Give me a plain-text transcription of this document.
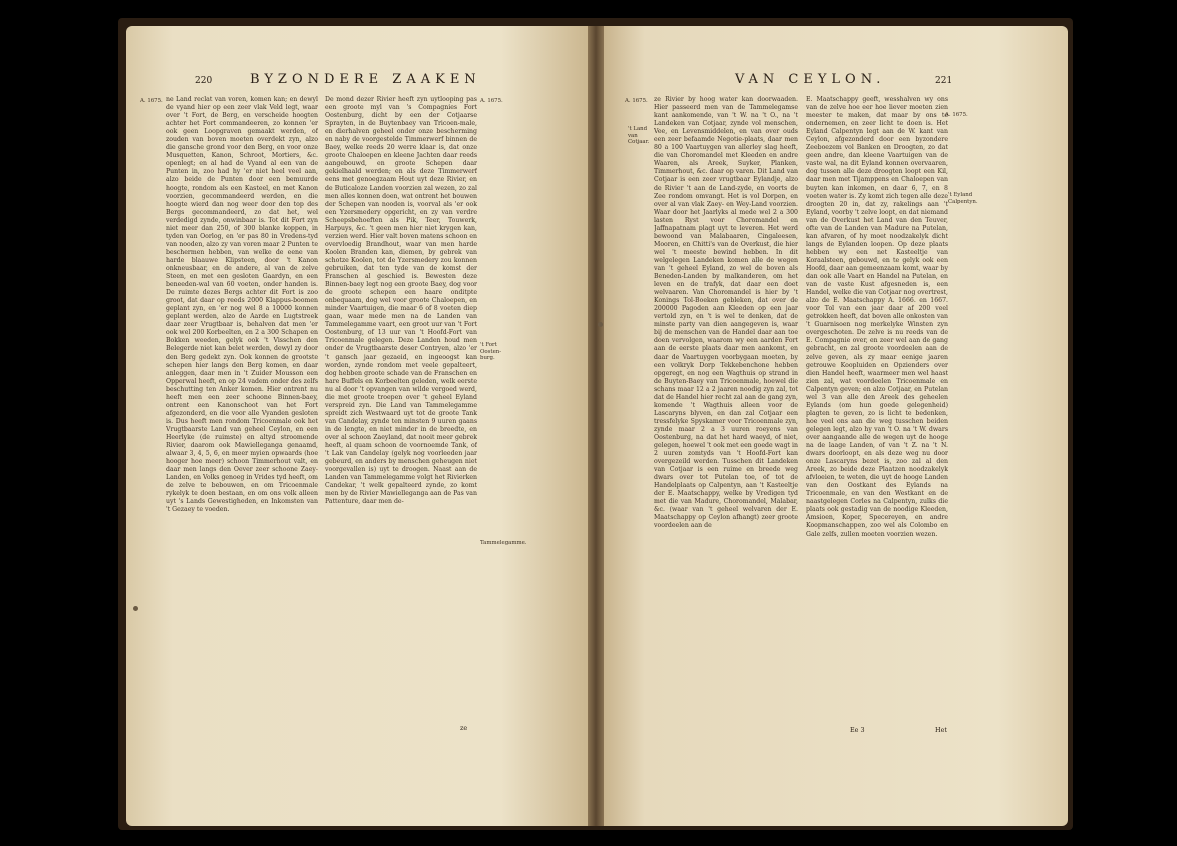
220	BYZONDERE ZAAKEN
A. 1675. ne Land reclat van voren, komen kan; en dewyl de vyand hier op een zeer vlak Veld legt, waar over 't Fort, de Berg, en verscheide hoogten achter het Fort commandeeren, zo konnen 'er ook geen Loopgraven gemaakt werden, of zouden van boven moeten overdekt zyn, alzo die gansche grond voor den Berg, en voor onze Musquetten, Kanon, Schroot, Mortiers, &c. openlegt; en al had de Vyand al een van de Punten in, zoo had hy 'er niet heel veel aan, alzo beide de Punten door een bemuurde hoogte, rondom als een Kasteel, en met Kanon voorzien, gecommandeerd werden, en die hoogte wierd dan nog weer door den top des Bergs gecommandeerd, zo dat het, wel verdedigd zynde, onwinbaar is. Tot dit Fort zyn niet meer dan 250, of 300 blanke koppen, in tyden van Oorlog, en 'er pas 80 in Vredens-tyd van nooden, alzo zy van voren maar 2 Punten te beschermen hebben, van welke de eene van harde blaauwe Klipsteen, door 't Kanon onkneusbaar, en de andere, al van de zelve Steen, en met een gesloten Gaardyn, en een beneeden-wal van 60 voeten, onder handen is. De ruimte dezes Bergs achter dit Fort is zoo groot, dat daar op reeds 2000 Klappus-boomen geplant zyn, en 'er nog wel 8 a 10000 konnen geplant werden, alzo de Aarde en Lugtstreek daar zeer Vrugtbaar is, behalven dat men 'er ook wel 200 Korbeelten, en 2 a 300 Schapen en Bokken weeden, gelyk ook 't Visschen den Belegerde niet kan belet werden, dewyl zy door den Berg gedekt zyn. Ook konnen de grootste schepen hier langs den Berg komen, en daar anleggen, daar men in 't Zuider Mousson een Opperwal heeft, en op 24 vadem onder des zelfs beschutting ten Anker komen. Hier ontrent nu heeft men een zeer schoone Binnen-baey, ontrent een Kanonschoot van het Fort afgezonderd, en die voor alle Vyanden gesloten is. Dus heeft men rondom Tricoenmale ook het Vrugtbaarste Land van geheel Ceylon, en een Heerlyke (de ruimste) en altyd stroomende Rivier, daarom ook Mawielleganga genaamd, alwaar 3, 4, 5, 6, en meer myien opwaards (hoe hooger hoe meer) schoon Timmerhout valt, en daar men langs den Oever zeer schoone Zaey-Landen, en Volks genoeg in Vrides tyd heeft, om de zelve te bebouwen, en om Tricoenmale rykelyk te doen bestaan, en om ons volk alleen uyt 's Lands Gewestigheden, en Inkomsten van 't Gezaey te voeden.
De mond dezer Rivier heeft zyn uytlooping pas een groote myl van 's Compagnies Fort Oostenburg, dicht by een der Cotjaarse Sprayten, in de Buytenbaey van Tricoen-male, en dierhalven geheel onder onze bescherming en naby de voorgestelde Timmerwerf binnen de Baey, welke reeds 20 werre klaar is, dat onze groote Chaloepen en kleene Jachten daar reeds aangebouwd, en groote Schepen daar gekielhaald werden; en als deze Timmerwerf eens met genoegzaam Hout uyt deze Rivier, en de Buticaloze Landen voorzien zal wezen, zo zal men alles konnen doen, wat ontrent het bouwen der Schepen van nooden is, voorval als 'er ook een Yzersmedery opgericht, en zy van verdre Scheepsbehoeften als Pik, Teer, Touwerk, Harpuys, &c. 't geen men hier niet krygen kan, verzien werd. Hier valt boven matens schoon en overvloedig Brandhout, waar van men harde Koolen Branden kan, diemen, by gebrek van schotze Koolen, tot de Yzersmedery zou konnen gebruiken, dat ten tyde van de komst der Franschen al geschied is. Bewesten deze Binnen-baey legt nog een groote Baey, dog voor de groote schepen een haare onditpte onbequaam, dog wel voor groote Chaloepen, en minder Vaartuigen, die maar 6 of 8 voeten diep gaan, waar mede men na de Landen van Tammelegamme vaart, een groot uur van 't Fort Oostenburg, of 13 uur van 't Hoofd-Fort van Tricoenmale gelegen. Deze Landen houd men onder de Vrugtbaarste deser Contryen, alzo 'er 't gansch jaar gezaeid, en ingeoogst kan worden, zynde rondom met veele gepalteert, dog hebben groote schade van de Franschen en hare Buffels en Korbeelten geleden, welk eerste nu al door 't opvangen van wilde vergoed werd, die met groote troepen over 't geheel Eyland verspreid zyn. Die Land van Tammelegamme spreidt zich Westwaard uyt tot de groote Tank van Candelay, zynde ten minsten 9 uuren gaans in de lengte, en niet minder in de breedte, en over al schoon Zaeyland, dat nooit meer gebrek heeft, al quam schoon de voornoemde Tank, of 't Lak van Candelay (gelyk nog voorleeden jaar gebeurd, en anders by menschen geheugen niet voorgevallen is) uyt te droogen. Naast aan de Landen van Tammelegamme volgt het Rivierken Candekar, 't welk gepalteerd zynde, zo komt men by de Rivier Mawielleganga aan de Pas van Pattenture, daar men de-
A. 1675.
't Fort Oosten-burg.
Tammelegamme.
ze
A. 1675.
VAN CEYLON.	221
A. 1675.
't Land van Cotjaar.
ze Rivier by hoog water kan doorwaaden. Hier passeerd men van de Tammelegamse kant aankomende, van 't W. na 't O., na 't Landeken van Cotjaar, zynde vol menschen, Vee, en Levensmiddelen, en van over ouds een zeer befaamde Negotie-plaats, daar men 80 a 100 Vaartuygen van allerley slag heeft, die van Choromandel met Kleeden en andre Waaren, als Areek, Suyker, Planken, Timmerhout, &c. daar op varen. Dit Land van Cotjaar is een zeer vrugtbaar Eylandje, alzo de Rivier 't aan de Land-zyde, en voorts de Zee rondom omvangt. Het is vol Dorpen, en over al van vlak Zaey- en Wey-Land voorzien. Waar door het Jaarlyks al mede wel 2 a 300 lasten Ryst voor Choromandel en Jaffnapatnam plagt uyt te leveren. Het werd bewoond van Malabaaren, Cingaleesen, Mooren, en Chitti's van de Overkust, die hier wel 't meeste bewind hebben. In dit welgelegen Landeken komen alle de wegen van 't geheel Eyland, zo wel de boven als Beneden-Landen by malkanderen, om het leven en de trafyk, dat daar een doet welvaaren. Van Choromandel is hier by 't Konings Tol-Boeken gebleken, dat over de 200000 Pagoden aan Kleeden op een jaar vertold zyn, en 't is wel te denken, dat de minste party van dien aangegeven is, waar bij de menschen van de Handel daar aan toe doen vervolgen, waarom wy een aarden Fort aan de eerste plaats daar men aankomt, en daar de Vaartuygen voorbygaan moeten, by een volkryk Dorp Tekkebenchone hebben opgeregt, en nog een Wagthuis op strand in de Buyten-Baey van Tricoenmale, hoewel die schans maar 12 a 2 jaaren noodig zyn zal, tot dat de Handel hier recht zal aan de gang zyn, komende 't Wagthuis alleen voor de Lascaryns blyven, en dan zal Cotjaar een tressfelyke Spyskamer voor Tricoenmale zyn, zynde maar 2 a 3 uuren roeyens van Oostenburg, na dat het hard waeyd, of niet, gelegen, hoewel 't ook met een goede wagt in 2 uuren zomtyds van 't Hoofd-Fort kan overgezeild werden. Tusschen dit Landeken van Cotjaar is een ruime en breede weg dwars over tot Putelan toe, of tot de Handelplaats op Calpentyn, aan 't Kasteeltje der E. Maatschappy, welke by Vredigen tyd met die van Madure, Choromandel, Malabar, &c. (waar van 't geheel welvaren der E. Maatschappy op Ceylon afhangt) zeer groote voordeelen aan de
E. Maatschappy geeft, wesshalven wy ons van de zelve hoe eer hoe liever moeten zien meester te maken, dat maar by ons te ondernemen, en zeer licht te doen is. Het Eyland Calpentyn legt aan de W. kant van Ceylon, afgezonderd door een byzondere Zeeboezem vol Banken en Droogten, zo dat geen andre, dan kleene Vaartuigen van de vaste wal, na dit Eyland konnen overvaaren, dog tussen alle deze droogten loopt een Kil, daar men met Tijamppens en Chaloepen van buyten kan inkomen, en daar 6, 7, en 8 voeten water is. Zy komt zich tegen alle deze droogten 20 in, dat zy, rakelings aan 't Eyland, voorby 't zelve loopt, en dat niemand van de Overkust het Land van den Teuver, ofte van de Landen van Madure na Putelan, kan afvaren, of hy moet noodzakelyk dicht langs de Eylanden loopen. Op deze plaats hebben wy een net Kasteeltje van Koraalsteen, gebouwd, en te gelyk ook een Hoofd, daar aan gemeenzaam komt, waar by dan ook alle Vaart en Handel na Putelan, en van de vaste Kust afgesneden is, een Handel, welke die van Cotjaar nog overtrest, alzo de E. Maatschappy A. 1666. en 1667. voor Tol van een jaar daar af 200 veel getrokken heeft, dat boven alle onkosten van 't Guarnisoen nog merkelyke Winsten zyn overgeschoten. De zelve is nu reeds van de E. Compagnie over, en zeer wel aan de gang gebracht, en zal groote voordeelen aan de zelve geven, als zy maar eenige jaaren getrouwe Koopluiden en Opzienders over dien Handel heeft, waarmeer men wel haast zien zal, wat voordeelen Tricoenmale en Calpentyn geven; en alzo Cotjaar, en Putelan wel 3 van alle den Areek des geheelen Eylands (om hun goede gelegenheid) plagten te geven, zo is licht te bedenken, hoe veel ons aan die weg tusschen beiden gelegen legt, alzo hy van 't O. na 't W. dwars over aangaande alle de wegen uyt de hooge na de laage Landen, of van 't Z. na 't N. dwars doorloopt, en als deze weg nu door onze Lascaryns bezet is, zoo zal al den Areek, zo beide deze Plaatzen noodzakelyk afvloeien, te weten, die uyt de hooge Landen van den Oostkant des Eylands na Tricoenmale, en van den Westkant en de naastgelegen Corles na Calpentyn, zulks die plaats ook gestadig van de noodige Kleeden, Amsioen, Koper, Specereyen, en andre Koopmanschappen, zoo wel als Colombo en Gale zelfs, zullen moeten voorzien wezen.
't Eyland Calpentyn.
Ee 3	Het
